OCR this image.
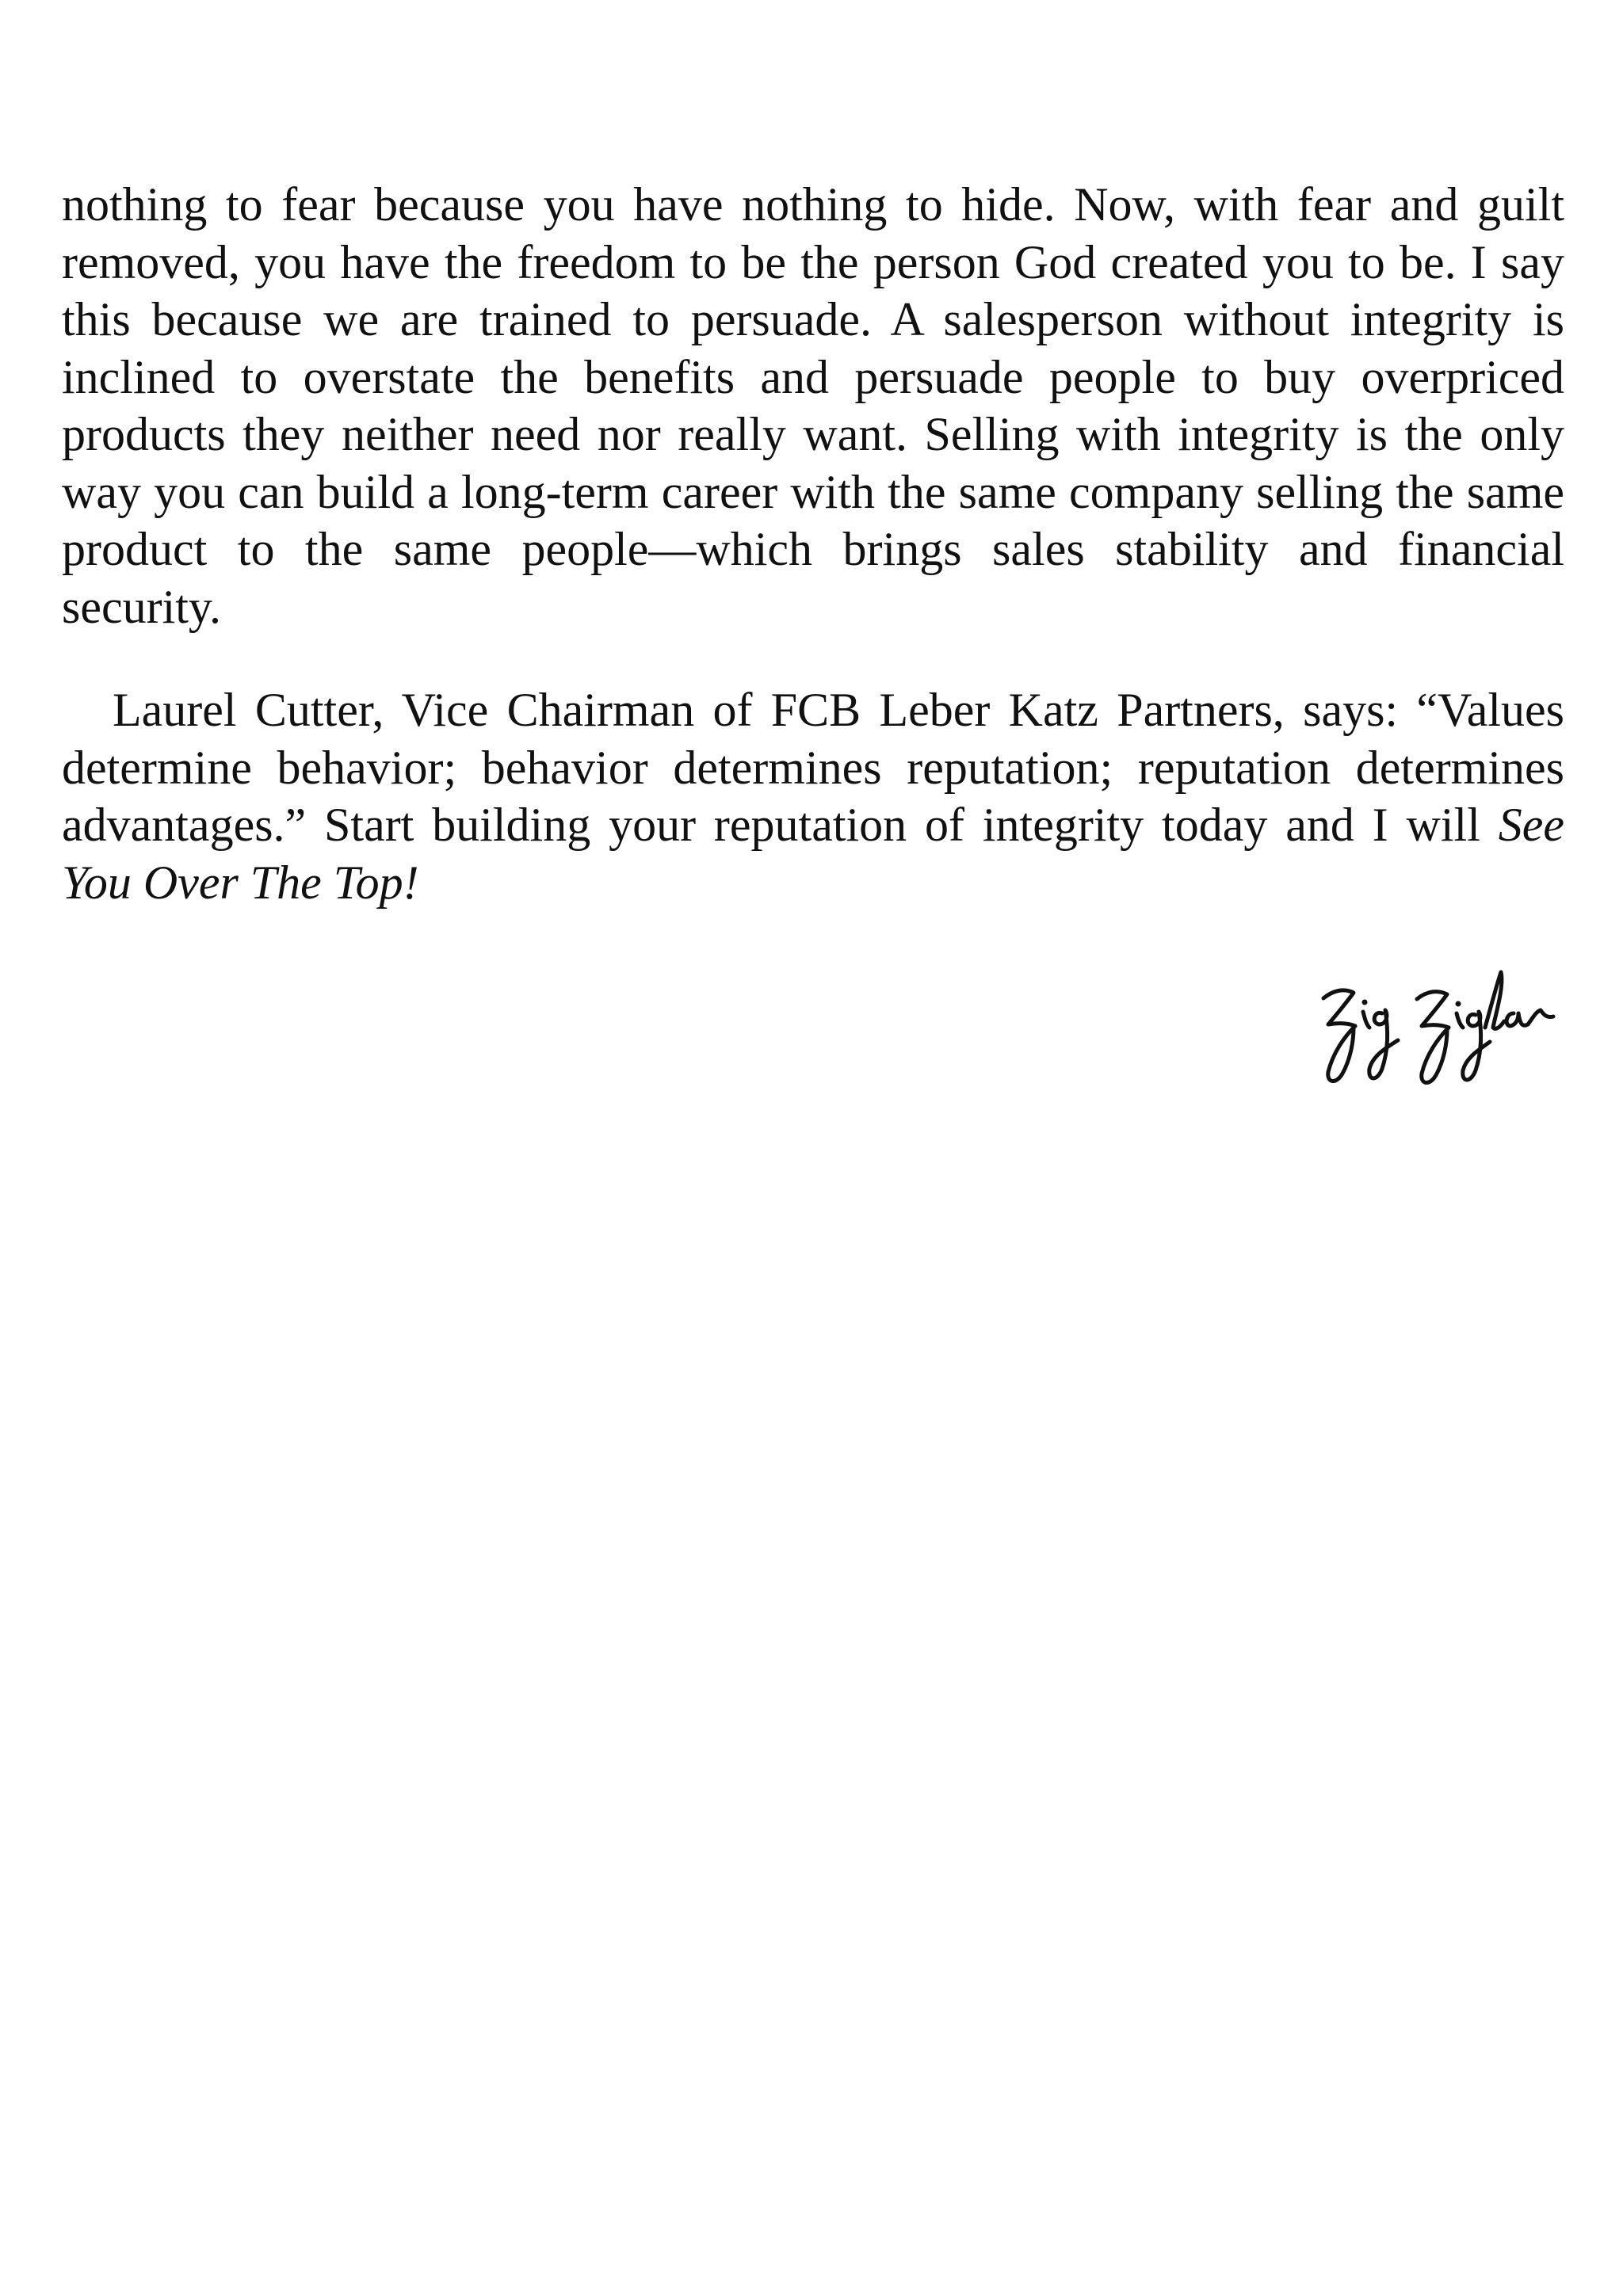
nothing to fear because you have nothing to hide. Now, with fear and guilt removed, you have the freedom to be the person God created you to be. I say this because we are trained to persuade. A salesperson without integrity is inclined to overstate the benefits and persuade people to buy overpriced products they neither need nor really want. Selling with integrity is the only way you can build a long-term career with the same company selling the same product to the same people—which brings sales stability and financial security.

Laurel Cutter, Vice Chairman of FCB Leber Katz Partners, says: “Values determine behavior; behavior determines reputation; reputation determines advantages.” Start building your reputation of integrity today and I will See You Over The Top!
